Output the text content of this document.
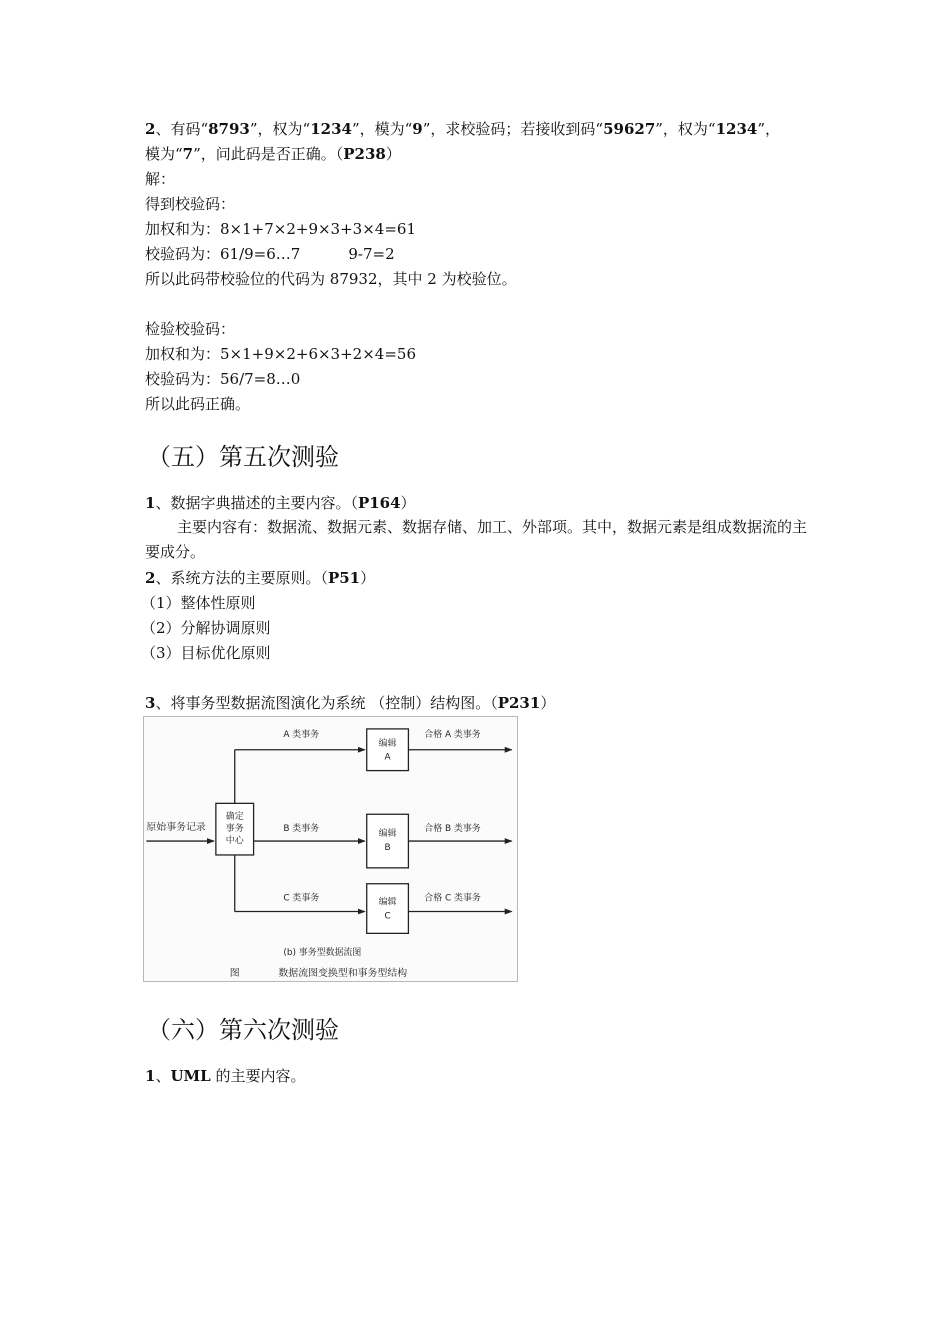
2、有码“8793”，权为“1234”，模为“9”，求校验码；若接收到码“59627”，权为“1234”，
模为“7”，问此码是否正确。（P238）
解：
得到校验码：
加权和为：8×1+7×2+9×3+3×4=61
校验码为：61/9=6…7	9-7=2
所以此码带校验位的代码为 87932，其中 2 为校验位。
检验校验码：
加权和为：5×1+9×2+6×3+2×4=56
校验码为：56/7=8…0
所以此码正确。
（五）第五次测验
1、数据字典描述的主要内容。（P164）
主要内容有：数据流、数据元素、数据存储、加工、外部项。其中，数据元素是组成数据流的主要成分。
2、系统方法的主要原则。（P51）
（1）整体性原则
（2）分解协调原则
（3）目标优化原则
3、将事务型数据流图演化为系统 （控制）结构图。（P231）
原始事务记录
确定
事务
中心
A 类事务
编辑
A
合格 A 类事务
B 类事务	编辑
B
合格 B 类事务
C 类事务	编辑
C
合格 C 类事务
(b) 事务型数据流图
图	数据流图变换型和事务型结构
（六）第六次测验
1、UML 的主要内容。
